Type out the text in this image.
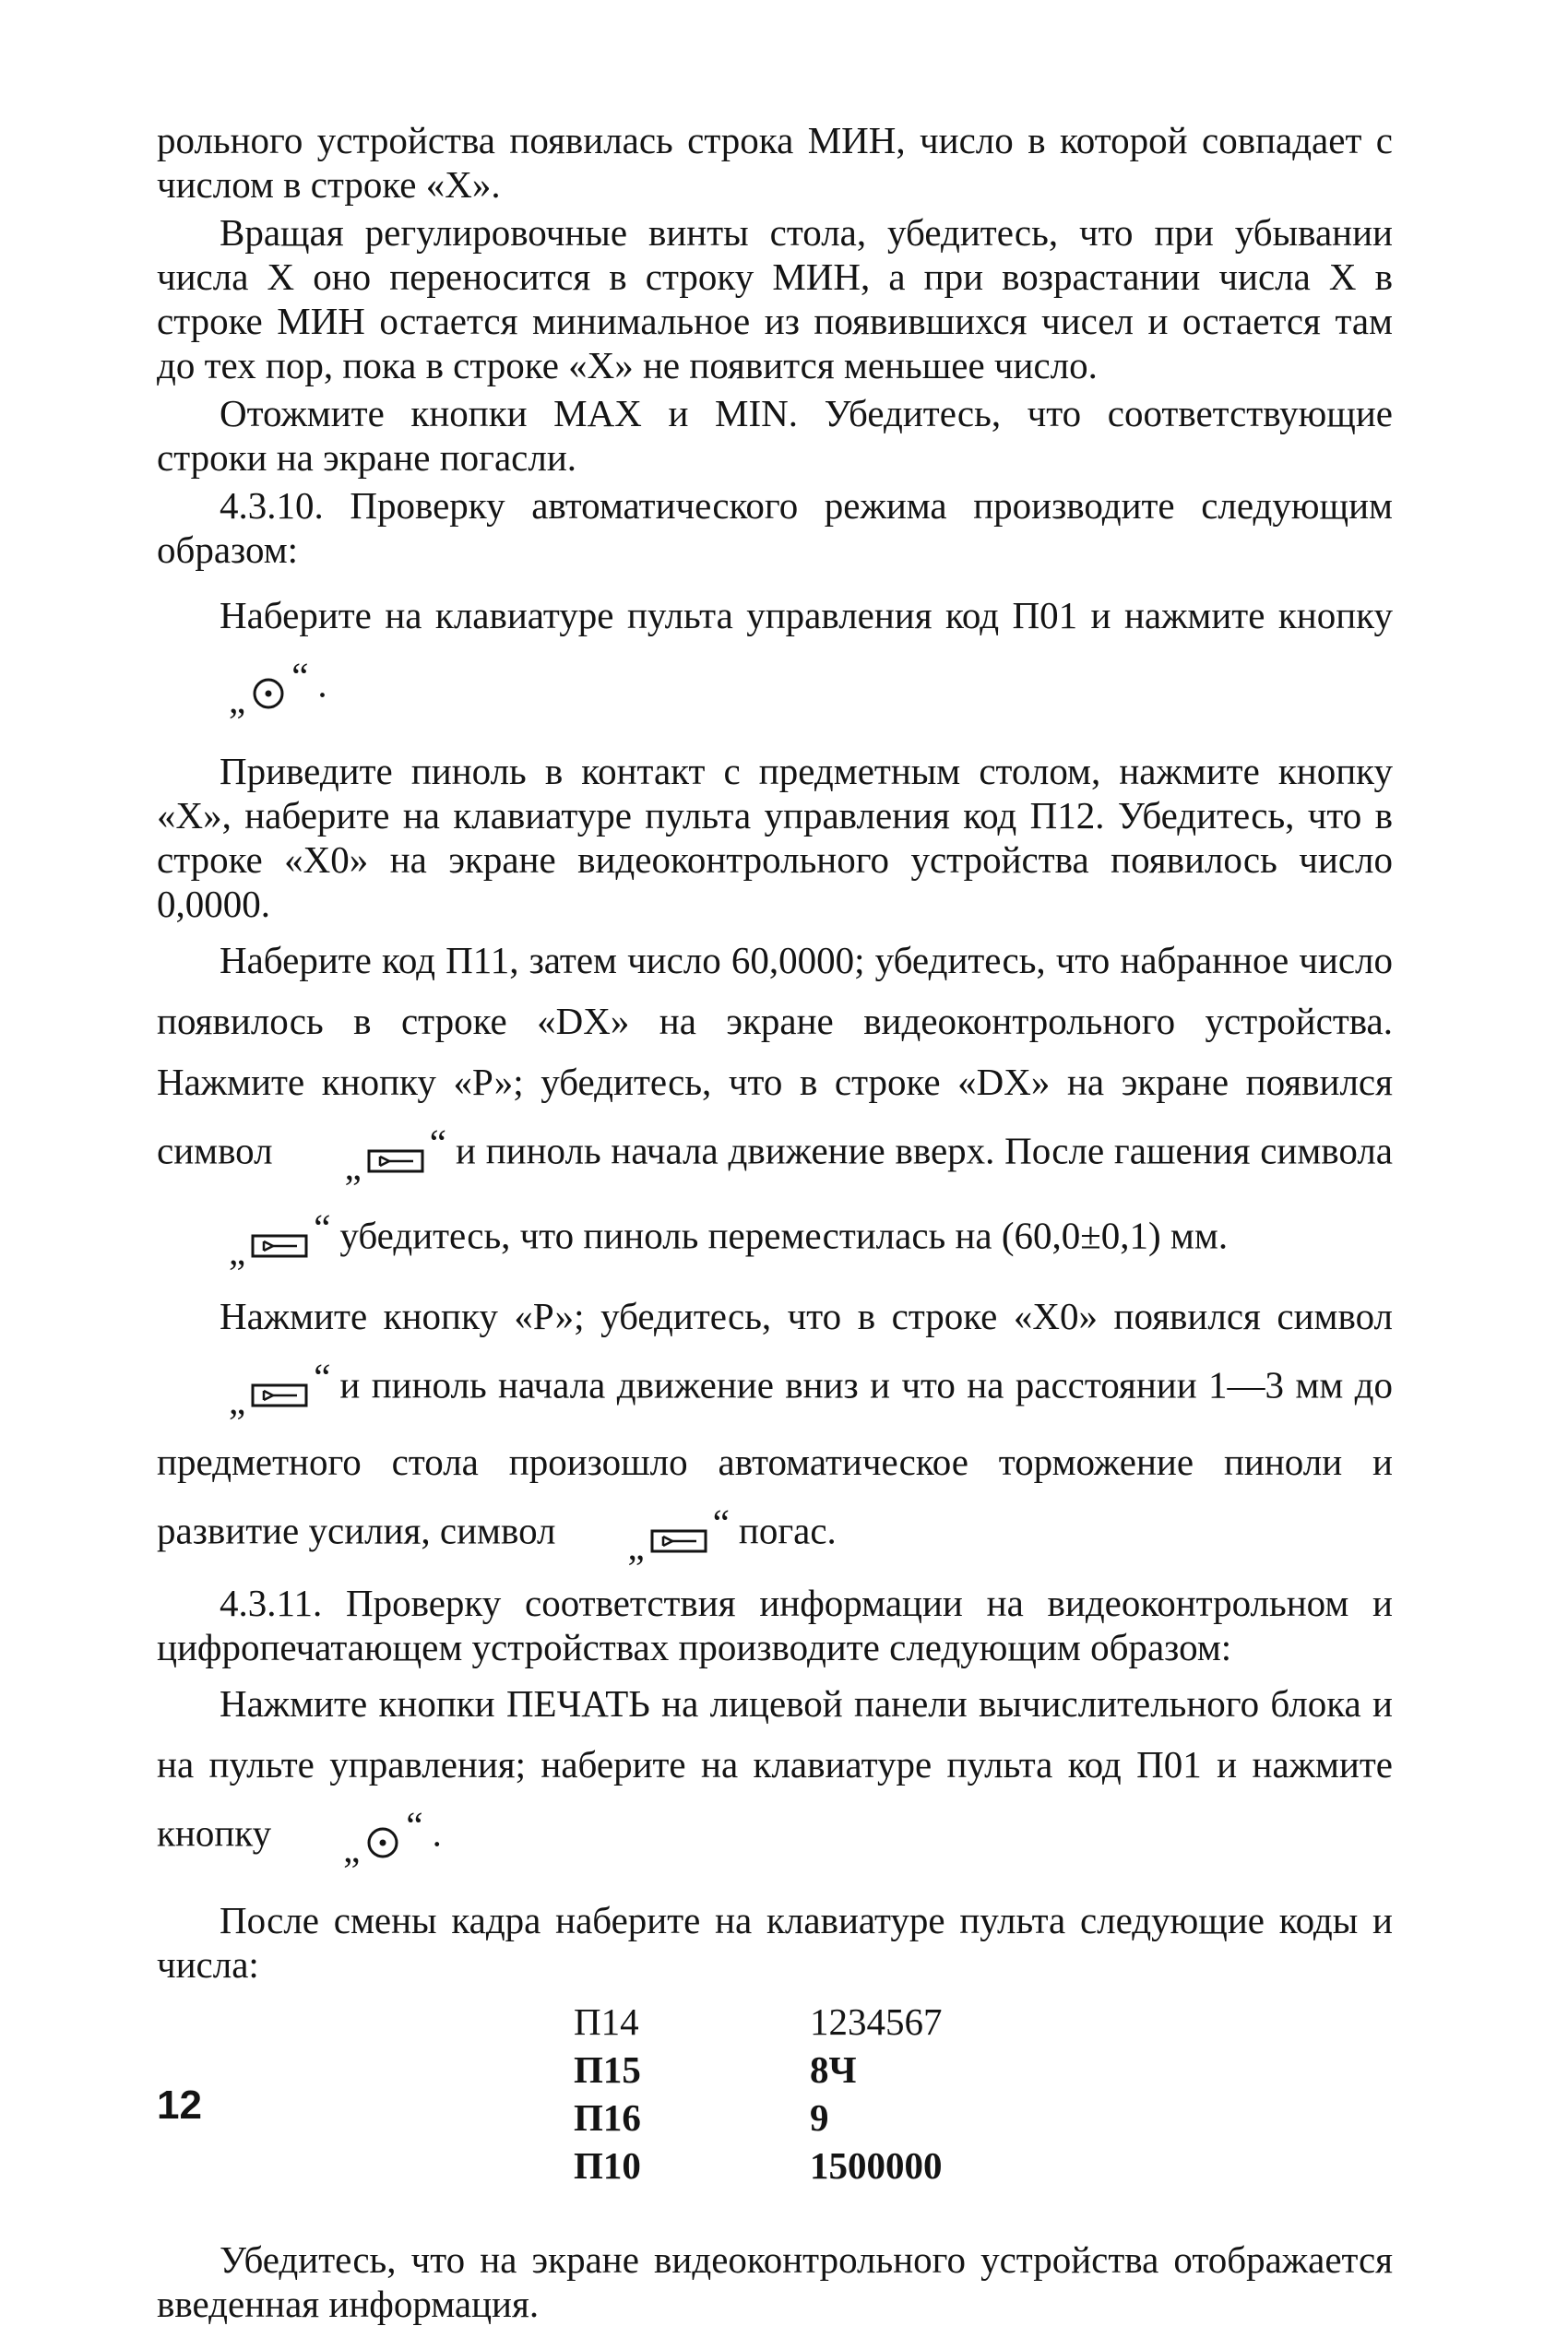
рольного устройства появилась строка МИН, число в которой совпадает с числом в строке «Х».

Вращая регулировочные винты стола, убедитесь, что при убывании числа Х оно переносится в строку МИН, а при возрастании числа Х в строке МИН остается минимальное из появившихся чисел и остается там до тех пор, пока в строке «Х» не появится меньшее число.

Отожмите кнопки МАХ и MIN. Убедитесь, что соответствующие строки на экране погасли.

4.3.10. Проверку автоматического режима производите следующим образом:

Наберите на клавиатуре пульта управления код П01 и нажмите кнопку„“ .

Приведите пиноль в контакт с предметным столом, нажмите кнопку «Х», наберите на клавиатуре пульта управления код П12. Убедитесь, что в строке «Х0» на экране видеоконтрольного устройства появилось число 0,0000.

Наберите код П11, затем число 60,0000; убедитесь, что набранное число появилось в строке «DX» на экране видеоконтрольного устройства. Нажмите кнопку «Р»; убедитесь, что в строке «DX» на экране появился символ „“ и пиноль начала движение вверх. После гашения символа„“ убедитесь, что пиноль переместилась на (60,0±0,1) мм.

Нажмите кнопку «Р»; убедитесь, что в строке «Х0» появился символ„“ и пиноль начала движение вниз и что на расстоянии 1—3 мм до предметного стола произошло автоматическое торможение пиноли и развитие усилия, символ „“ погас.

4.3.11. Проверку соответствия информации на видеоконтрольном и цифропечатающем устройствах производите следующим образом:

Нажмите кнопки ПЕЧАТЬ на лицевой панели вычислительного блока и на пульте управления; наберите на клавиатуре пульта код П01 и нажмите кнопку „“ .

После смены кадра наберите на клавиатуре пульта следующие коды и числа:

П14	1234567
П15	8Ч
П16	9
П10	1500000

Убедитесь, что на экране видеоконтрольного устройства отображается введенная информация.

12
